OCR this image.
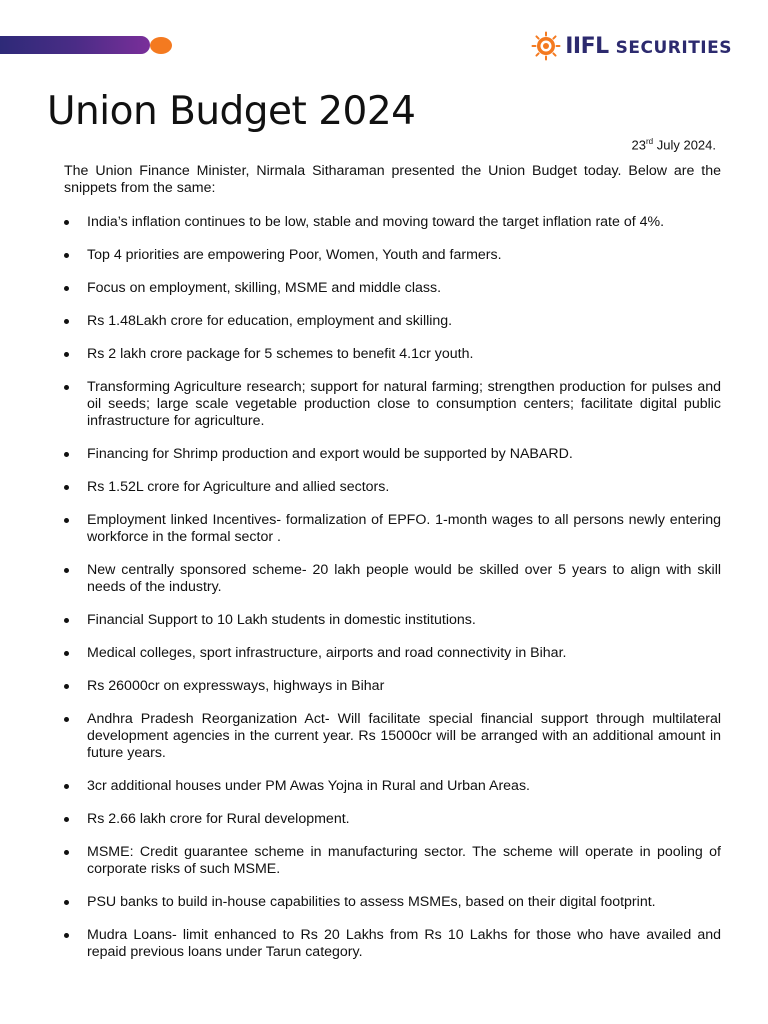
IIFL SECURITIES
Union Budget 2024
23rd July 2024.

The Union Finance Minister, Nirmala Sitharaman presented the Union Budget today. Below are the snippets from the same:

India’s inflation continues to be low, stable and moving toward the target inflation rate of 4%.
Top 4 priorities are empowering Poor, Women, Youth and farmers.
Focus on employment, skilling, MSME and middle class.
Rs 1.48Lakh crore for education, employment and skilling.
Rs 2 lakh crore package for 5 schemes to benefit 4.1cr youth.
Transforming Agriculture research; support for natural farming; strengthen production for pulses and oil seeds; large scale vegetable production close to consumption centers; facilitate digital public infrastructure for agriculture.
Financing for Shrimp production and export would be supported by NABARD.
Rs 1.52L crore for Agriculture and allied sectors.
Employment linked Incentives- formalization of EPFO. 1-month wages to all persons newly entering workforce in the formal sector .
New centrally sponsored scheme- 20 lakh people would be skilled over 5 years to align with skill needs of the industry.
Financial Support to 10 Lakh students in domestic institutions.
Medical colleges, sport infrastructure, airports and road connectivity in Bihar.
Rs 26000cr on expressways, highways in Bihar
Andhra Pradesh Reorganization Act- Will facilitate special financial support through multilateral development agencies in the current year. Rs 15000cr will be arranged with an additional amount in future years.
3cr additional houses under PM Awas Yojna in Rural and Urban Areas.
Rs 2.66 lakh crore for Rural development.
MSME: Credit guarantee scheme in manufacturing sector. The scheme will operate in pooling of corporate risks of such MSME.
PSU banks to build in-house capabilities to assess MSMEs, based on their digital footprint.
Mudra Loans- limit enhanced to Rs 20 Lakhs from Rs 10 Lakhs for those who have availed and repaid previous loans under Tarun category.
